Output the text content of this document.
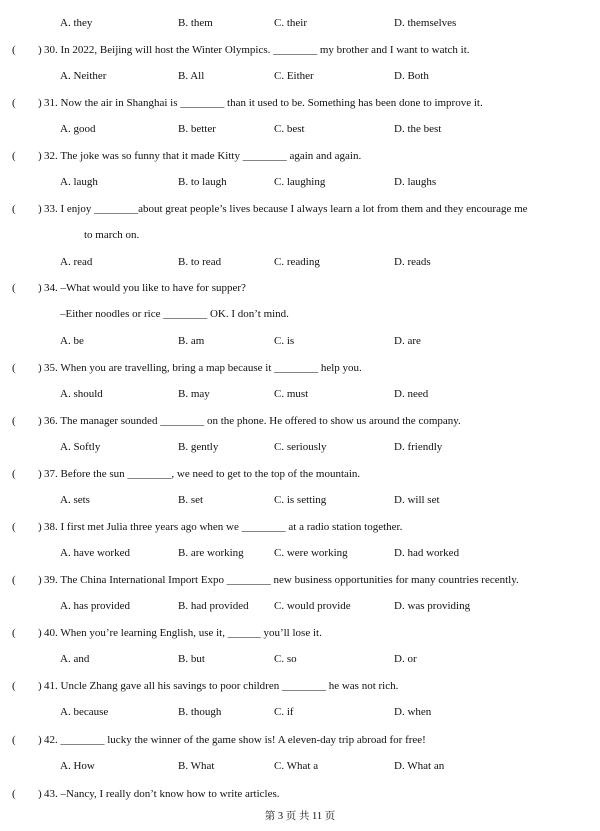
A. they	B. them	C. their	D. themselves
( ) 30. In 2022, Beijing will host the Winter Olympics. ________ my brother and I want to watch it.
A. Neither	B. All	C. Either	D. Both
( ) 31. Now the air in Shanghai is ________ than it used to be. Something has been done to improve it.
A. good	B. better	C. best	D. the best
( ) 32. The joke was so funny that it made Kitty ________ again and again.
A. laugh	B. to laugh	C. laughing	D. laughs
( ) 33. I enjoy ________about great people’s lives because I always learn a lot from them and they encourage me
to march on.
A. read	B. to read	C. reading	D. reads
( ) 34. –What would you like to have for supper?
–Either noodles or rice ________ OK. I don’t mind.
A. be	B. am	C. is	D. are
( ) 35. When you are travelling, bring a map because it ________ help you.
A. should	B. may	C. must	D. need
( ) 36. The manager sounded ________ on the phone. He offered to show us around the company.
A. Softly	B. gently	C. seriously	D. friendly
( ) 37. Before the sun ________, we need to get to the top of the mountain.
A. sets	B. set	C. is setting	D. will set
( ) 38. I first met Julia three years ago when we ________ at a radio station together.
A. have worked	B. are working	C. were working	D. had worked
( ) 39. The China International Import Expo ________ new business opportunities for many countries recently.
A. has provided	B. had provided C. would provide	D. was providing
( ) 40. When you’re learning English, use it, ______ you’ll lose it.
A. and	B. but	C. so	D. or
( ) 41. Uncle Zhang gave all his savings to poor children ________ he was not rich.
A. because	B. though	C. if	D. when
( ) 42. ________ lucky the winner of the game show is! A eleven-day trip abroad for free!
A. How	B. What	C. What a	D. What an
( ) 43. –Nancy, I really don’t know how to write articles.
第 3 页 共 11 页
